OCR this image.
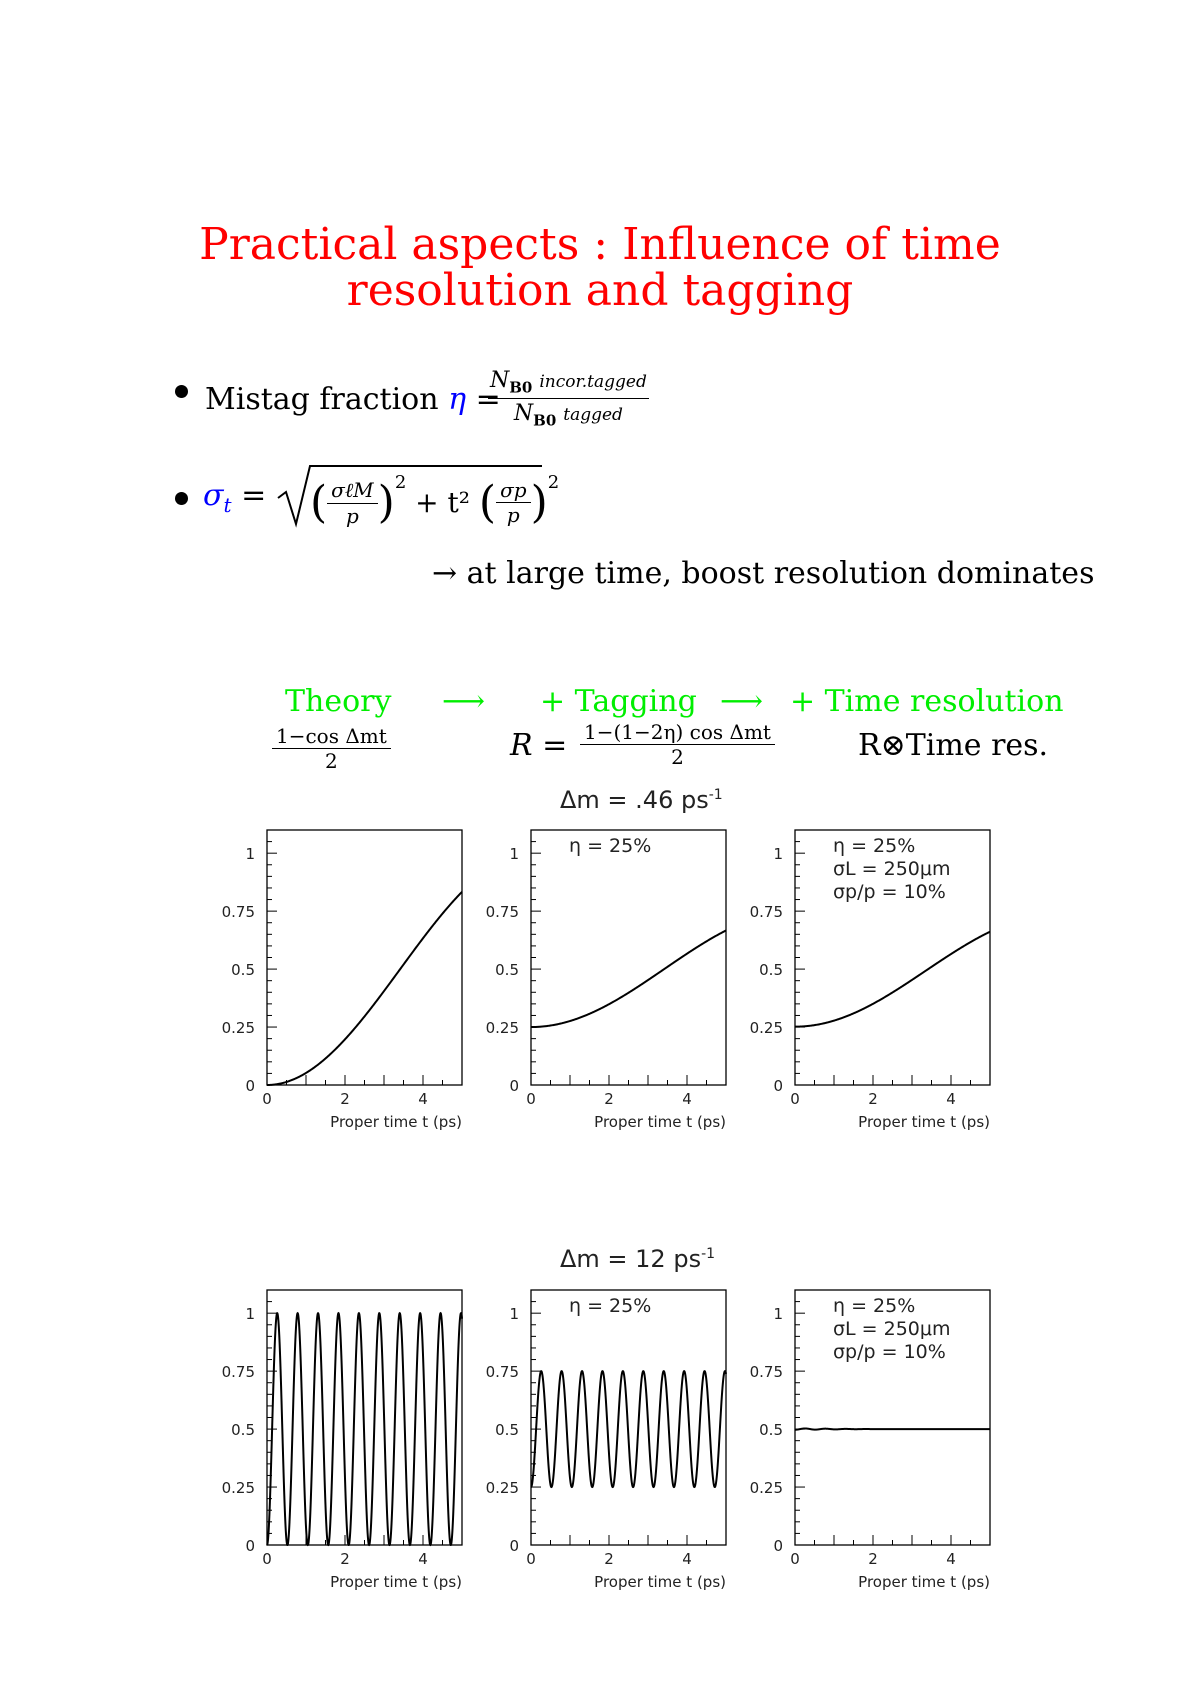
Practical aspects : Influence of time
resolution and tagging
Mistag fraction η =
$N_{B0}$ incor.tagged
$N_{B0}$ tagged
$\sigma_t$ = ( $\frac{\text{σℓM}}{p} )^2 + t^2$ ( $\frac{\sigma p}{p} )^2$
→ at large time, boost resolution dominates
Theory ⟶ + Tagging ⟶ + Time resolution
$\frac{\text{1−cos Δmt}}{2}$	$R = \frac{\text{1−(1−2η) cos Δmt}}{2}$	R⊗Time res.
Δm = .46 $ps^{-1}$
Δm = 12 $ps^{-1}$
0
0.25
0.5
0.75
1
0	2	4
Proper time t (ps)
0
0.25
0.5
0.75
1
0	2	4
Proper time t (ps)
η = 25%
0
0.25
0.5
0.75
1
0	2	4
Proper time t (ps)
η = 25%
σL = 250μm
σp/p = 10%
0
0.25
0.5
0.75
1
0	2	4
Proper time t (ps)
0
0.25
0.5
0.75
1
0	2	4
Proper time t (ps)
η = 25%
0
0.25
0.5
0.75
1
0	2	4
Proper time t (ps)
η = 25%
σL = 250μm
σp/p = 10%
